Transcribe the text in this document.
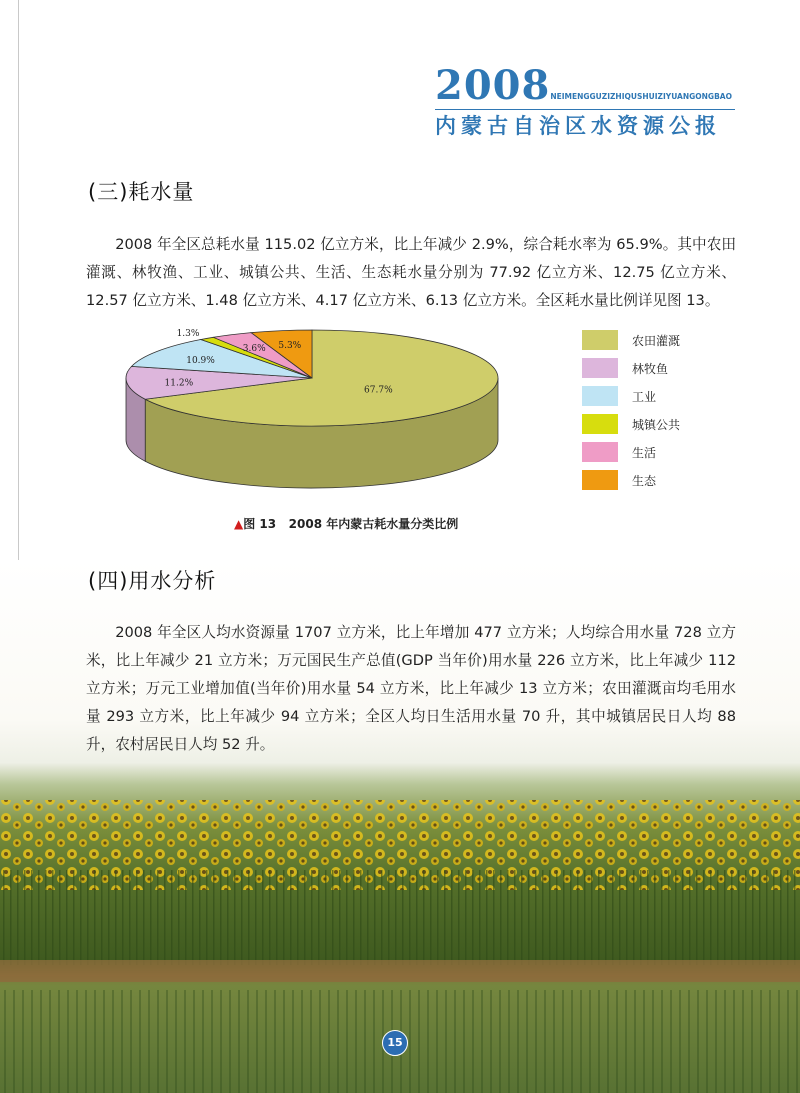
2008NEIMENGGUZIZHIQUSHUIZIYUANGONGBAO
内蒙古自治区水资源公报
(三)耗水量
2008 年全区总耗水量 115.02 亿立方米，比上年减少 2.9%，综合耗水率为 65.9%。其中农田灌溉、林牧渔、工业、城镇公共、生活、生态耗水量分别为 77.92 亿立方米、12.75 亿立方米、12.57 亿立方米、1.48 亿立方米、4.17 亿立方米、6.13 亿立方米。全区耗水量比例详见图 13。
67.7%
11.2%
10.9%
1.3%
3.6% 5.3%	农田灌溉
林牧鱼
工业
城镇公共
生活
生态
▲图 13 2008 年内蒙古耗水量分类比例
(四)用水分析
2008 年全区人均水资源量 1707 立方米，比上年增加 477 立方米；人均综合用水量 728 立方米，比上年减少 21 立方米；万元国民生产总值(GDP 当年价)用水量 226 立方米，比上年减少 112 立方米；万元工业增加值(当年价)用水量 54 立方米，比上年减少 13 立方米；农田灌溉亩均毛用水量 293 立方米，比上年减少 94 立方米；全区人均日生活用水量 70 升，其中城镇居民日人均 88 升，农村居民日人均 52 升。
15
